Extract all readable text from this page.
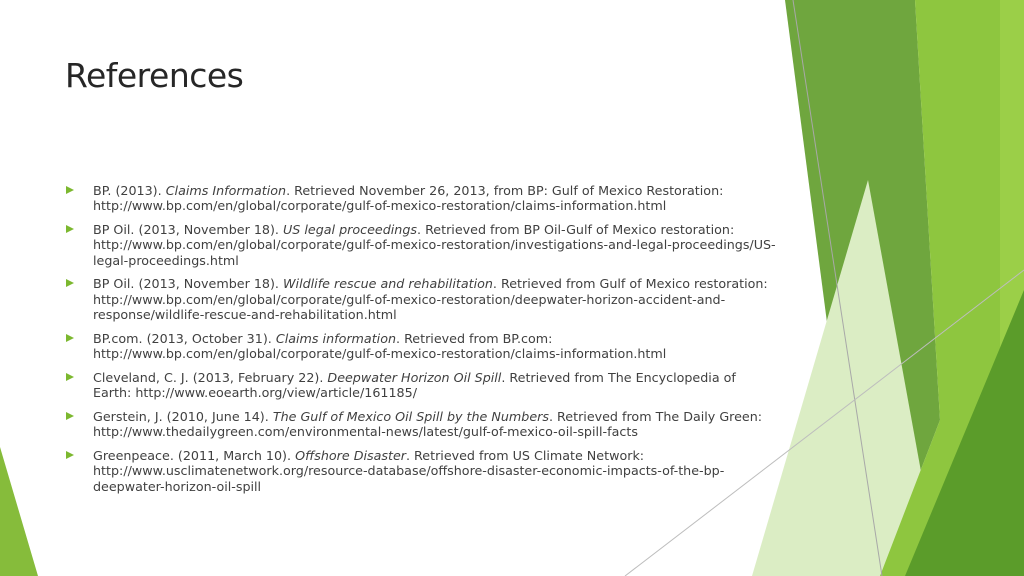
References
BP. (2013). Claims Information. Retrieved November 26, 2013, from BP: Gulf of Mexico Restoration: http://www.bp.com/en/global/corporate/gulf-of-mexico-restoration/claims-information.html
BP Oil. (2013, November 18). US legal proceedings. Retrieved from BP Oil-Gulf of Mexico restoration: http://www.bp.com/en/global/corporate/gulf-of-mexico-restoration/investigations-and-legal-proceedings/US-legal-proceedings.html
BP Oil. (2013, November 18). Wildlife rescue and rehabilitation. Retrieved from Gulf of Mexico restoration: http://www.bp.com/en/global/corporate/gulf-of-mexico-restoration/deepwater-horizon-accident-and-response/wildlife-rescue-and-rehabilitation.html
BP.com. (2013, October 31). Claims information. Retrieved from BP.com: http://www.bp.com/en/global/corporate/gulf-of-mexico-restoration/claims-information.html
Cleveland, C. J. (2013, February 22). Deepwater Horizon Oil Spill. Retrieved from The Encyclopedia of Earth: http://www.eoearth.org/view/article/161185/
Gerstein, J. (2010, June 14). The Gulf of Mexico Oil Spill by the Numbers. Retrieved from The Daily Green: http://www.thedailygreen.com/environmental-news/latest/gulf-of-mexico-oil-spill-facts
Greenpeace. (2011, March 10). Offshore Disaster. Retrieved from US Climate Network: http://www.usclimatenetwork.org/resource-database/offshore-disaster-economic-impacts-of-the-bp-deepwater-horizon-oil-spill
